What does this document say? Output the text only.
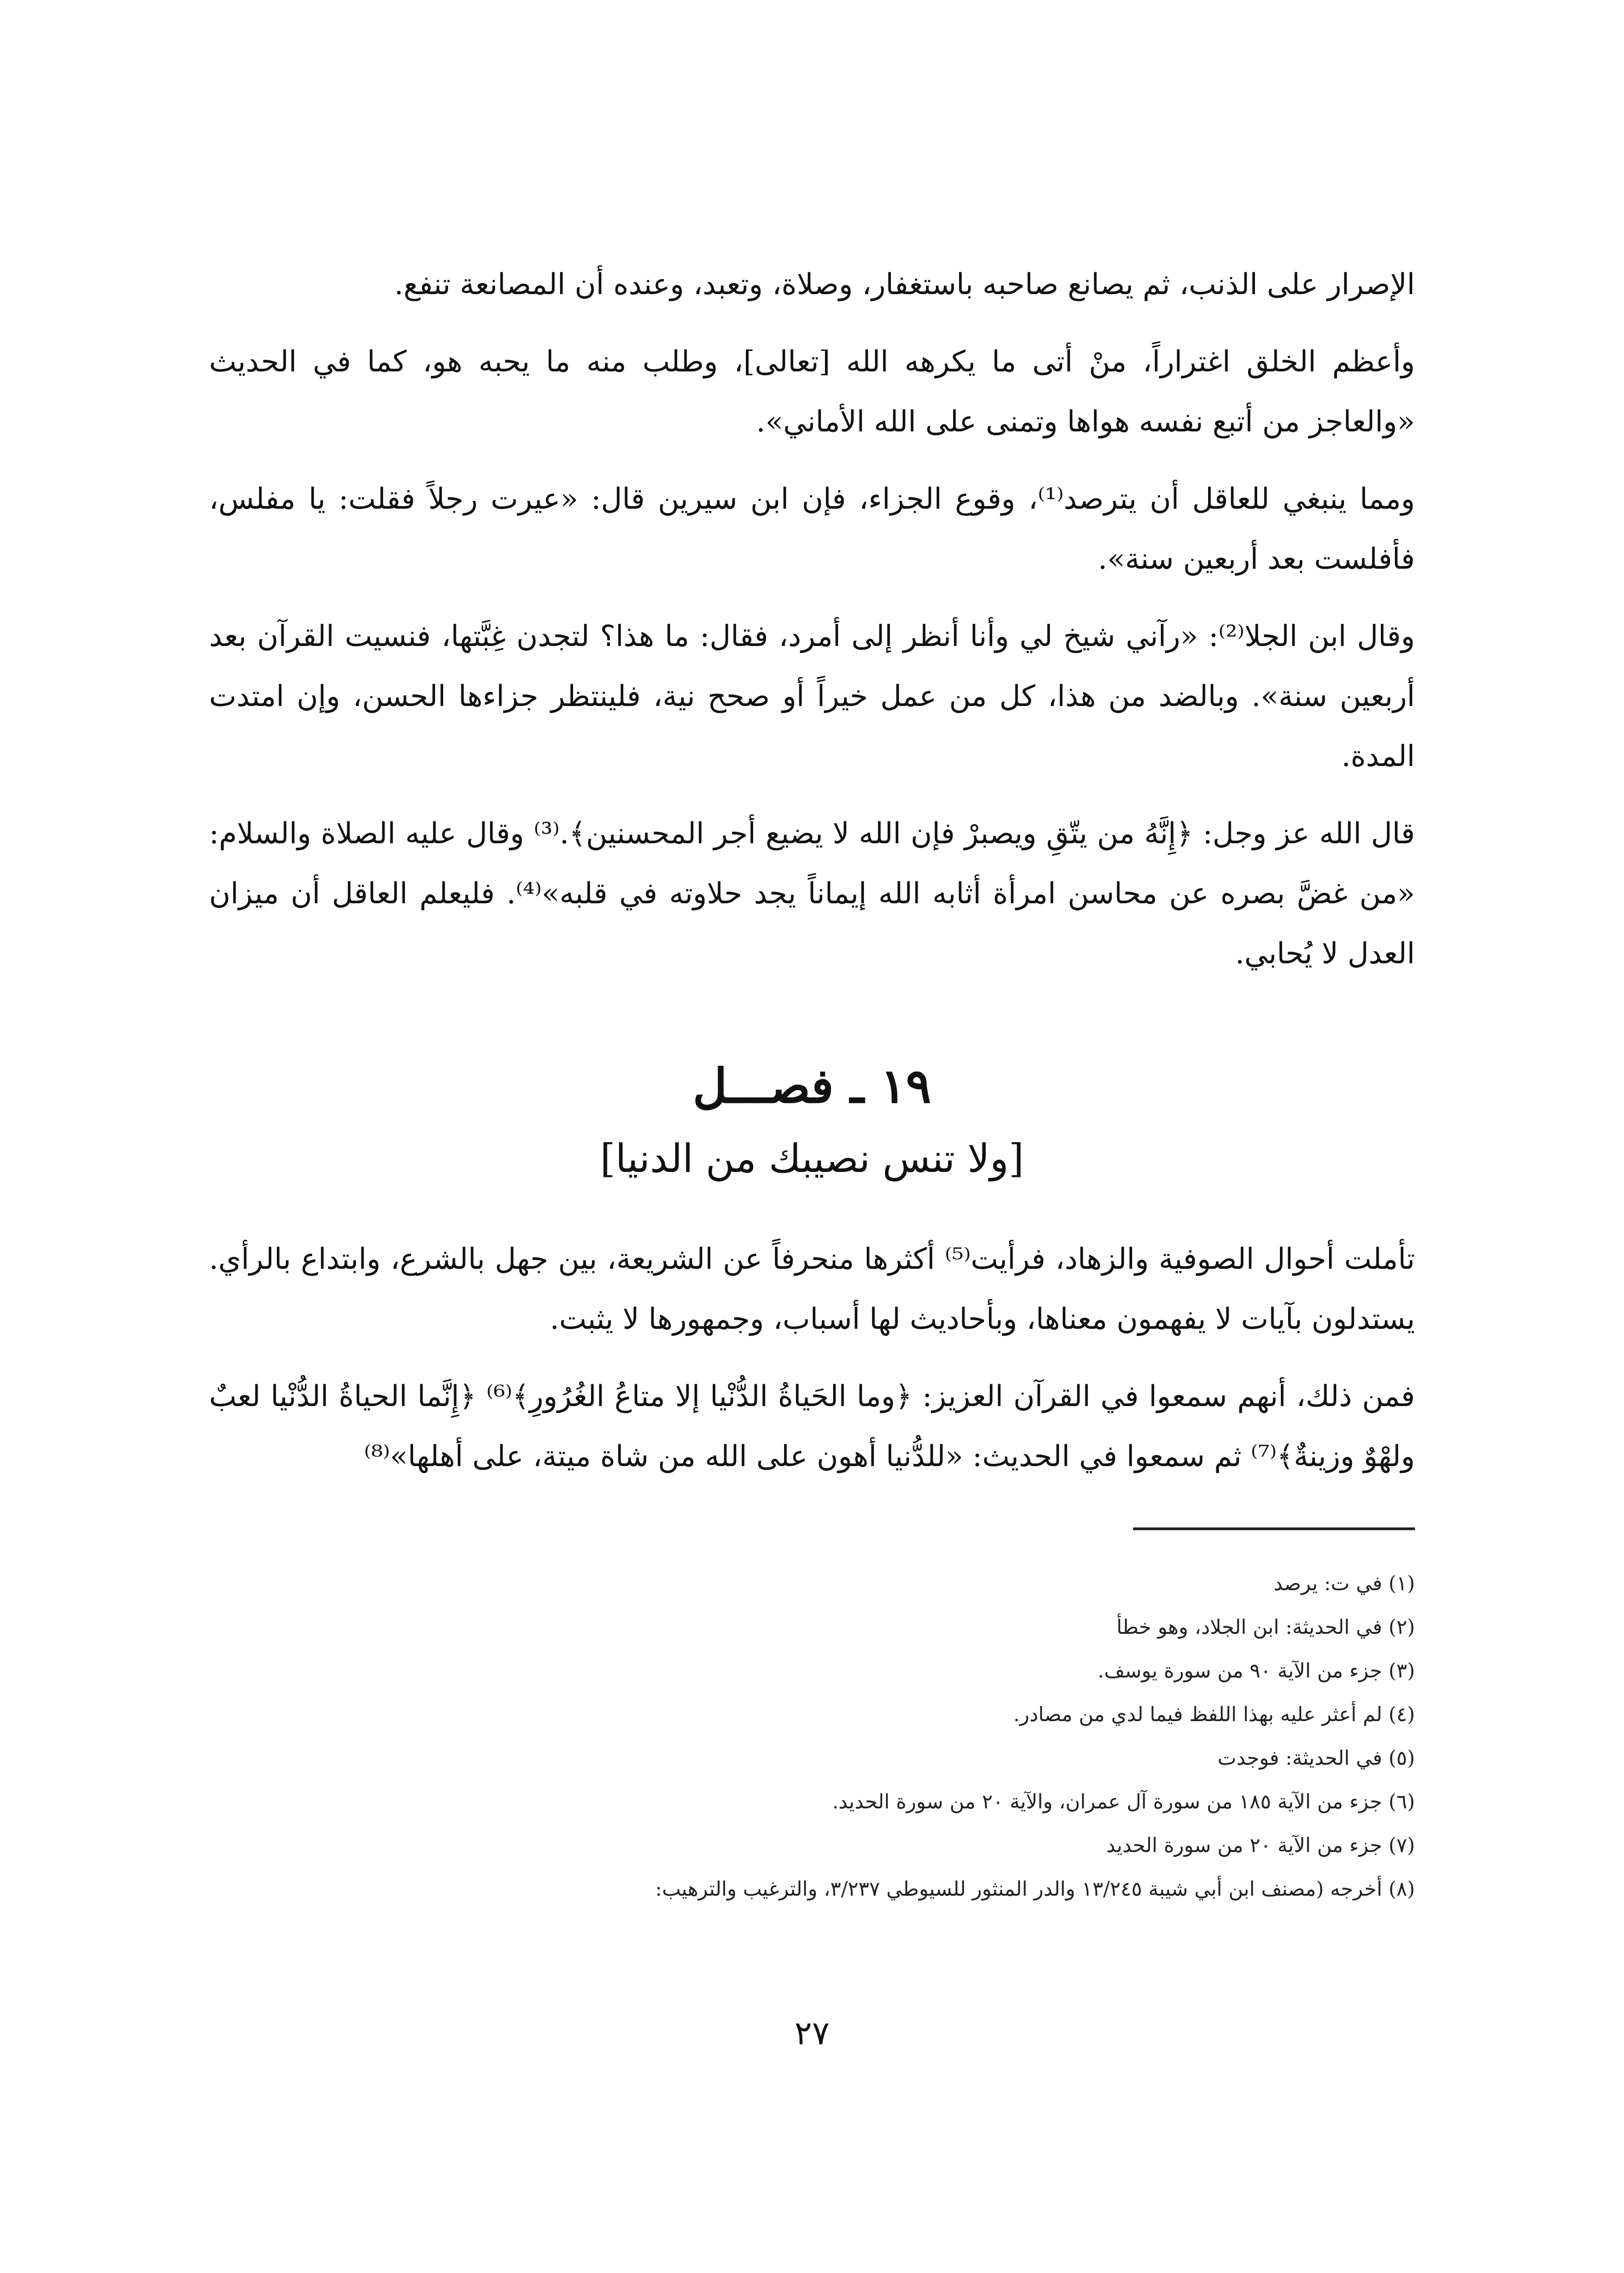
الإصرار على الذنب، ثم يصانع صاحبه باستغفار، وصلاة، وتعبد، وعنده أن المصانعة تنفع.

وأعظم الخلق اغتراراً، منْ أتى ما يكرهه الله [تعالى]، وطلب منه ما يحبه هو، كما في الحديث «والعاجز من أتبع نفسه هواها وتمنى على الله الأماني».

ومما ينبغي للعاقل أن يترصد⁽¹⁾، وقوع الجزاء، فإن ابن سيرين قال: «عيرت رجلاً فقلت: يا مفلس، فأفلست بعد أربعين سنة».

وقال ابن الجلا⁽²⁾: «رآني شيخ لي وأنا أنظر إلى أمرد، فقال: ما هذا؟ لتجدن غِبَّتها، فنسيت القرآن بعد أربعين سنة». وبالضد من هذا، كل من عمل خيراً أو صحح نية، فلينتظر جزاءها الحسن، وإن امتدت المدة.

قال الله عز وجل: ﴿إِنَّهُ من يتّقِ ويصبرْ فإن الله لا يضيع أجر المحسنين﴾.⁽³⁾ وقال عليه الصلاة والسلام: «من غضَّ بصره عن محاسن امرأة أثابه الله إيماناً يجد حلاوته في قلبه»⁽⁴⁾. فليعلم العاقل أن ميزان العدل لا يُحابي.

١٩ ـ فصـــل
[ولا تنس نصيبك من الدنيا]

تأملت أحوال الصوفية والزهاد، فرأيت⁽⁵⁾ أكثرها منحرفاً عن الشريعة، بين جهل بالشرع، وابتداع بالرأي. يستدلون بآيات لا يفهمون معناها، وبأحاديث لها أسباب، وجمهورها لا يثبت.

فمن ذلك، أنهم سمعوا في القرآن العزيز: ﴿وما الحَياةُ الدُّنْيا إلا متاعُ الغُرُورِ﴾⁽⁶⁾ ﴿إِنَّما الحياةُ الدُّنْيا لعبٌ ولهْوٌ وزينةٌ﴾⁽⁷⁾ ثم سمعوا في الحديث: «للدُّنيا أهون على الله من شاة ميتة، على أهلها»⁽⁸⁾

(١) في ت: يرصد
(٢) في الحديثة: ابن الجلاد، وهو خطأ
(٣) جزء من الآية ٩٠ من سورة يوسف.
(٤) لم أعثر عليه بهذا اللفظ فيما لدي من مصادر.
(٥) في الحديثة: فوجدت
(٦) جزء من الآية ١٨٥ من سورة آل عمران، والآية ٢٠ من سورة الحديد.
(٧) جزء من الآية ٢٠ من سورة الحديد
(٨) أخرجه (مصنف ابن أبي شيبة ١٣/٢٤٥ والدر المنثور للسيوطي ٣/٢٣٧، والترغيب والترهيب:
٢٧
